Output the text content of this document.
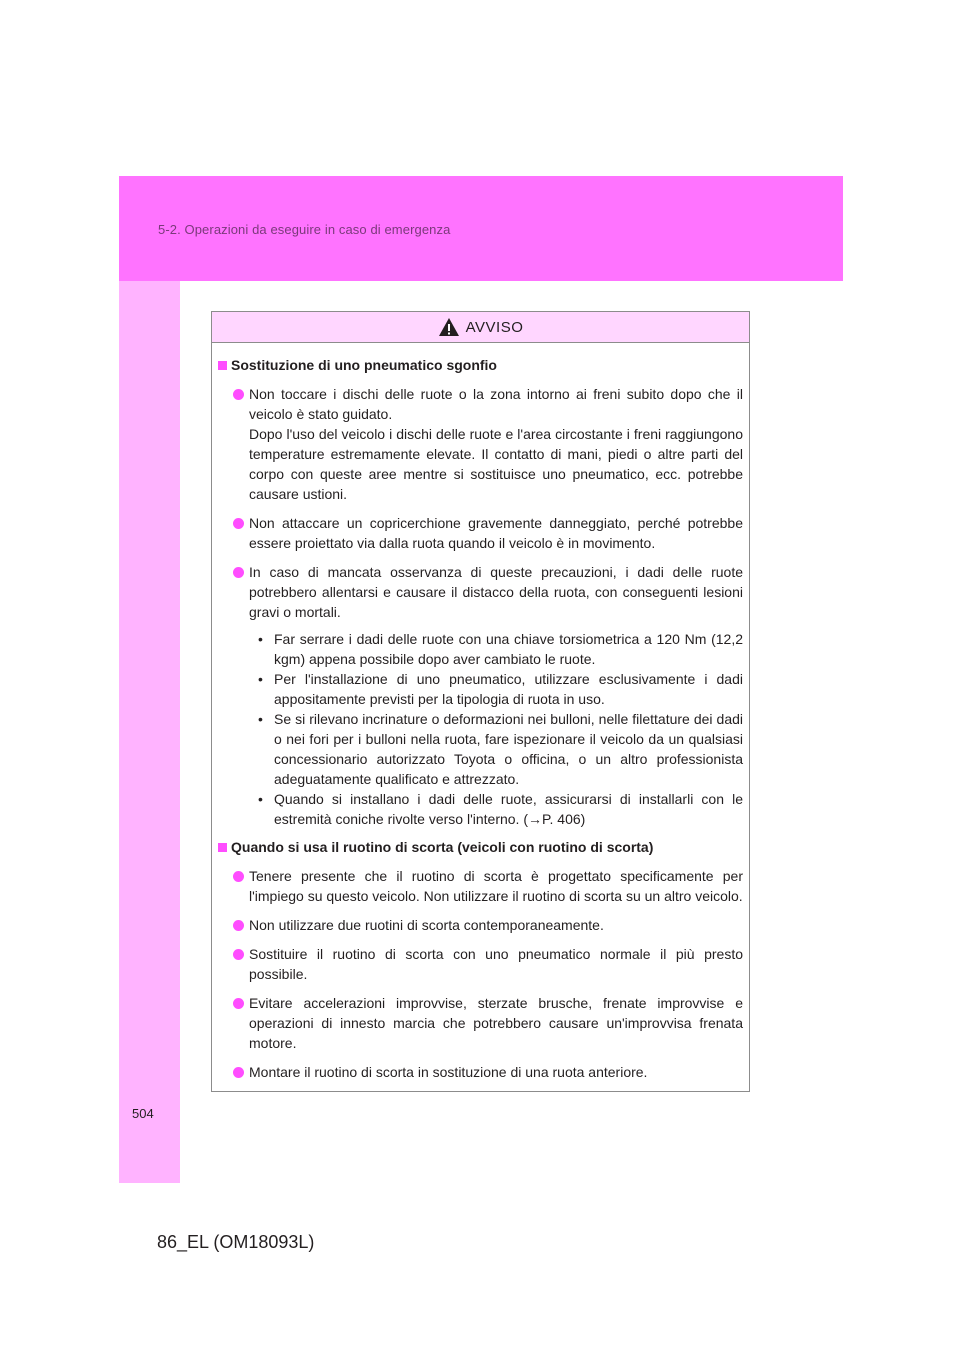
5-2. Operazioni da eseguire in caso di emergenza
504
86_EL (OM18093L)
AVVISO
Sostituzione di uno pneumatico sgonfio
Non toccare i dischi delle ruote o la zona intorno ai freni subito dopo che il veicolo è stato guidato.
Dopo l'uso del veicolo i dischi delle ruote e l'area circostante i freni raggiungono temperature estremamente elevate. Il contatto di mani, piedi o altre parti del corpo con queste aree mentre si sostituisce uno pneumatico, ecc. potrebbe causare ustioni.
Non attaccare un copricerchione gravemente danneggiato, perché potrebbe essere proiettato via dalla ruota quando il veicolo è in movimento.
In caso di mancata osservanza di queste precauzioni, i dadi delle ruote potrebbero allentarsi e causare il distacco della ruota, con conseguenti lesioni gravi o mortali.
• Far serrare i dadi delle ruote con una chiave torsiometrica a 120 Nm (12,2 kgm) appena possibile dopo aver cambiato le ruote.
• Per l'installazione di uno pneumatico, utilizzare esclusivamente i dadi appositamente previsti per la tipologia di ruota in uso.
• Se si rilevano incrinature o deformazioni nei bulloni, nelle filettature dei dadi o nei fori per i bulloni nella ruota, fare ispezionare il veicolo da un qualsiasi concessionario autorizzato Toyota o officina, o un altro professionista adeguatamente qualificato e attrezzato.
• Quando si installano i dadi delle ruote, assicurarsi di installarli con le estremità coniche rivolte verso l'interno. (→P. 406)
Quando si usa il ruotino di scorta (veicoli con ruotino di scorta)
Tenere presente che il ruotino di scorta è progettato specificamente per l'impiego su questo veicolo. Non utilizzare il ruotino di scorta su un altro veicolo.
Non utilizzare due ruotini di scorta contemporaneamente.
Sostituire il ruotino di scorta con uno pneumatico normale il più presto possibile.
Evitare accelerazioni improvvise, sterzate brusche, frenate improvvise e operazioni di innesto marcia che potrebbero causare un'improvvisa frenata motore.
Montare il ruotino di scorta in sostituzione di una ruota anteriore.
